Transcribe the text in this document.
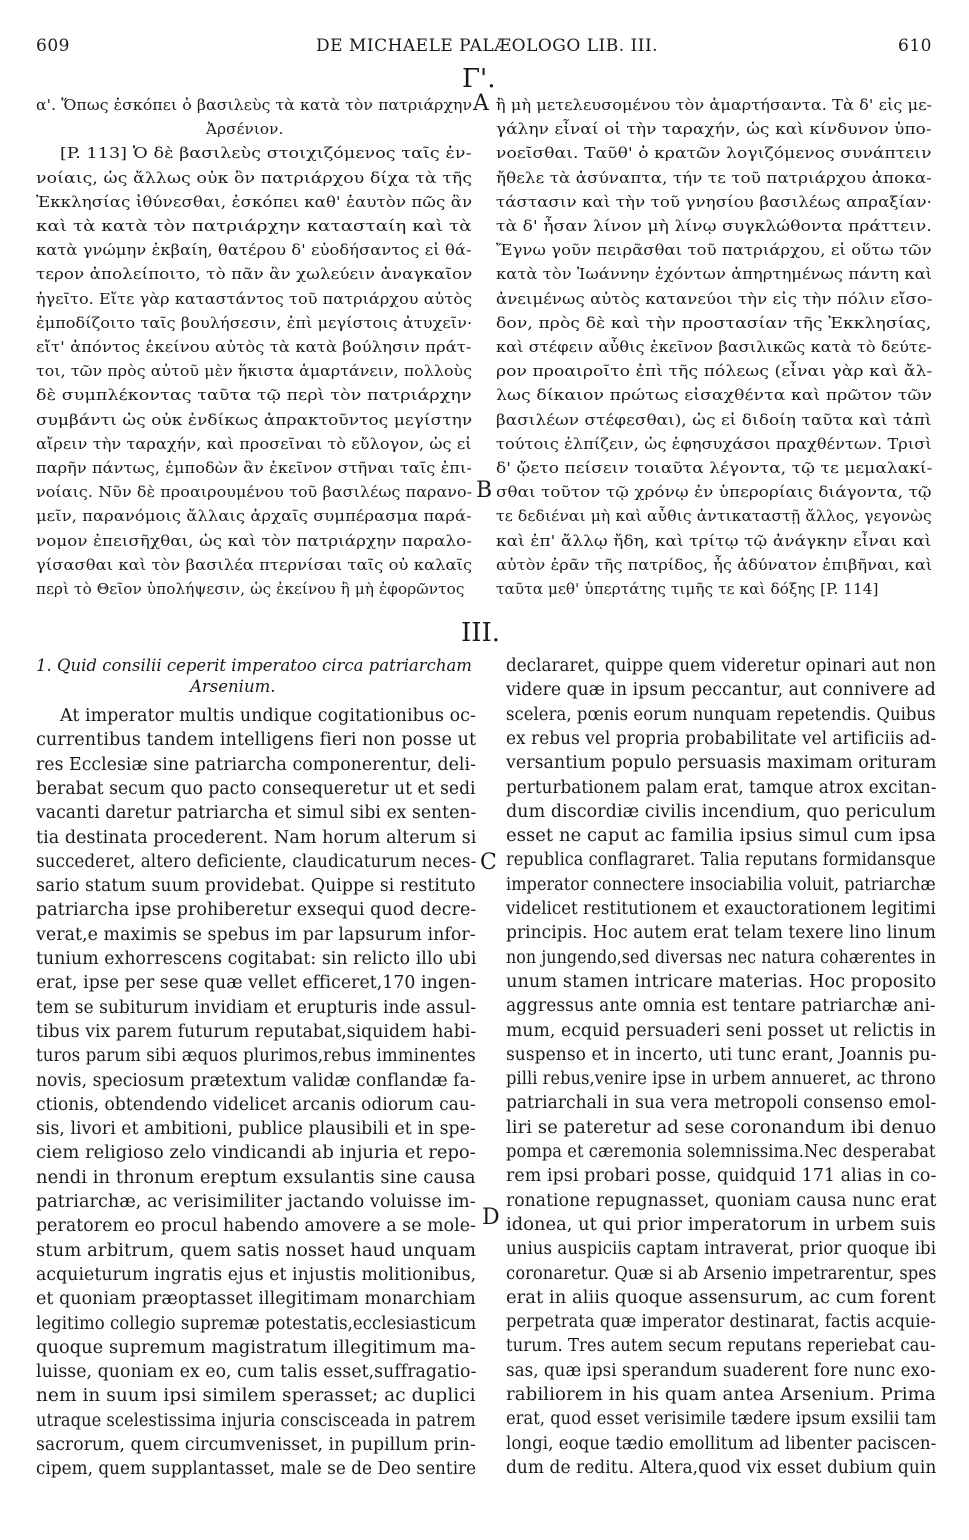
609	DE MICHAELE PALÆOLOGO LIB. III.	610
Γ'.
α'. Ὅπως ἐσκόπει ὁ βασιλεὺς τὰ κατὰ τὸν πατριάρχην
Ἀρσένιον.
[P. 113] Ὁ δὲ βασιλεὺς στοιχιζόμενος ταῖς ἐν-
νοίαις, ὡς ἄλλως οὐκ ὂν πατριάρχου δίχα τὰ τῆς
Ἐκκλησίας ἰθύνεσθαι, ἐσκόπει καθ' ἑαυτὸν πῶς ἂν
καὶ τὰ κατὰ τὸν πατριάρχην κατασταίη καὶ τὰ
κατὰ γνώμην ἐκβαίη, θατέρου δ' εὐοδήσαντος εἰ θά-
τερον ἀπολείποιτο, τὸ πᾶν ἂν χωλεύειν ἀναγκαῖον
ἡγεῖτο. Εἴτε γὰρ καταστάντος τοῦ πατριάρχου αὐτὸς
ἐμποδίζοιτο ταῖς βουλήσεσιν, ἐπὶ μεγίστοις ἀτυχεῖν·
εἴτ' ἀπόντος ἐκείνου αὐτὸς τὰ κατὰ βούλησιν πράτ-
τοι, τῶν πρὸς αὐτοῦ μὲν ἥκιστα ἁμαρτάνειν, πολλοὺς
δὲ συμπλέκοντας ταῦτα τῷ περὶ τὸν πατριάρχην
συμβάντι ὡς οὐκ ἐνδίκως ἀπρακτοῦντος μεγίστην
αἴρειν τὴν ταραχήν, καὶ προσεῖναι τὸ εὔλογον, ὡς εἰ
παρῆν πάντως, ἐμποδὼν ἂν ἐκεῖνον στῆναι ταῖς ἐπι-
νοίαις. Νῦν δὲ προαιρουμένου τοῦ βασιλέως παρανο-
μεῖν, παρανόμοις ἄλλαις ἀρχαῖς συμπέρασμα παρά-
νομον ἐπεισῆχθαι, ὡς καὶ τὸν πατριάρχην παραλο-
γίσασθαι καὶ τὸν βασιλέα πτερνίσαι ταῖς οὐ καλαῖς
περὶ τὸ Θεῖον ὑπολήψεσιν, ὡς ἐκείνου ἢ μὴ ἐφορῶντος
ἢ μὴ μετελευσομένου τὸν ἁμαρτήσαντα. Τὰ δ' εἰς με-
γάλην εἶναί οἱ τὴν ταραχήν, ὡς καὶ κίνδυνον ὑπο-
νοεῖσθαι. Ταῦθ' ὁ κρατῶν λογιζόμενος συνάπτειν
ἤθελε τὰ ἀσύναπτα, τήν τε τοῦ πατριάρχου ἀποκα-
τάστασιν καὶ τὴν τοῦ γνησίου βασιλέως απραξίαν·
τὰ δ' ἦσαν λίνον μὴ λίνῳ συγκλώθοντα πράττειν.
Ἔγνω γοῦν πειρᾶσθαι τοῦ πατριάρχου, εἰ οὕτω τῶν
κατὰ τὸν Ἰωάννην ἐχόντων ἀπηρτημένως πάντη καὶ
ἀνειμένως αὐτὸς κατανεύοι τὴν εἰς τὴν πόλιν εἴσο-
δον, πρὸς δὲ καὶ τὴν προστασίαν τῆς Ἐκκλησίας,
καὶ στέφειν αὖθις ἐκεῖνον βασιλικῶς κατὰ τὸ δεύτε-
ρον προαιροῖτο ἐπὶ τῆς πόλεως (εἶναι γὰρ καὶ ἄλ-
λως δίκαιον πρώτως εἰσαχθέντα καὶ πρῶτον τῶν
βασιλέων στέφεσθαι), ὡς εἰ διδοίη ταῦτα καὶ τἀπὶ
τούτοις ἐλπίζειν, ὡς ἐφησυχάσοι πραχθέντων. Τρισὶ
δ' ᾤετο πείσειν τοιαῦτα λέγοντα, τῷ τε μεμαλακί-
σθαι τοῦτον τῷ χρόνῳ ἐν ὑπερορίαις διάγοντα, τῷ
τε δεδιέναι μὴ καὶ αὖθις ἀντικαταστῇ ἄλλος, γεγονὼς
καὶ ἐπ' ἄλλῳ ἤδη, καὶ τρίτῳ τῷ ἀνάγκην εἶναι καὶ
αὐτὸν ἐρᾶν τῆς πατρίδος, ἧς ἀδύνατον ἐπιβῆναι, καὶ
ταῦτα μεθ' ὑπερτάτης τιμῆς τε καὶ δόξης [P. 114]
A
B
C
D
III.
1. Quid consilii ceperit imperatoo circa patriarcham
Arsenium.
At imperator multis undique cogitationibus oc-
currentibus tandem intelligens fieri non posse ut
res Ecclesiæ sine patriarcha componerentur, deli-
berabat secum quo pacto consequeretur ut et sedi
vacanti daretur patriarcha et simul sibi ex senten-
tia destinata procederent. Nam horum alterum si
succederet, altero deficiente, claudicaturum neces-
sario statum suum providebat. Quippe si restituto
patriarcha ipse prohiberetur exsequi quod decre-
verat,e maximis se spebus im par lapsurum infor-
tunium exhorrescens cogitabat: sin relicto illo ubi
erat, ipse per sese quæ vellet efficeret,170 ingen-
tem se subiturum invidiam et erupturis inde assul-
tibus vix parem futurum reputabat,siquidem habi-
turos parum sibi æquos plurimos,rebus imminentes
novis, speciosum prætextum validæ conflandæ fa-
ctionis, obtendendo videlicet arcanis odiorum cau-
sis, livori et ambitioni, publice plausibili et in spe-
ciem religioso zelo vindicandi ab injuria et repo-
nendi in thronum ereptum exsulantis sine causa
patriarchæ, ac verisimiliter jactando voluisse im-
peratorem eo procul habendo amovere a se mole-
stum arbitrum, quem satis nosset haud unquam
acquieturum ingratis ejus et injustis molitionibus,
et quoniam præoptasset illegitimam monarchiam
legitimo collegio supremæ potestatis,ecclesiasticum
quoque supremum magistratum illegitimum ma-
luisse, quoniam ex eo, cum talis esset,suffragatio-
nem in suum ipsi similem sperasset; ac duplici
utraque scelestissima injuria conscisceada in patrem
sacrorum, quem circumvenisset, in pupillum prin-
cipem, quem supplantasset, male se de Deo sentire
declararet, quippe quem videretur opinari aut non
videre quæ in ipsum peccantur, aut connivere ad
scelera, pœnis eorum nunquam repetendis. Quibus
ex rebus vel propria probabilitate vel artificiis ad-
versantium populo persuasis maximam orituram
perturbationem palam erat, tamque atrox excitan-
dum discordiæ civilis incendium, quo periculum
esset ne caput ac familia ipsius simul cum ipsa
republica conflagraret. Talia reputans formidansque
imperator connectere insociabilia voluit, patriarchæ
videlicet restitutionem et exauctorationem legitimi
principis. Hoc autem erat telam texere lino linum
non jungendo,sed diversas nec natura cohærentes in
unum stamen intricare materias. Hoc proposito
aggressus ante omnia est tentare patriarchæ ani-
mum, ecquid persuaderi seni posset ut relictis in
suspenso et in incerto, uti tunc erant, Joannis pu-
pilli rebus,venire ipse in urbem annueret, ac throno
patriarchali in sua vera metropoli consenso emol-
liri se pateretur ad sese coronandum ibi denuo
pompa et cæremonia solemnissima.Nec desperabat
rem ipsi probari posse, quidquid 171 alias in co-
ronatione repugnasset, quoniam causa nunc erat
idonea, ut qui prior imperatorum in urbem suis
unius auspiciis captam intraverat, prior quoque ibi
coronaretur. Quæ si ab Arsenio impetrarentur, spes
erat in aliis quoque assensurum, ac cum forent
perpetrata quæ imperator destinarat, factis acquie-
turum. Tres autem secum reputans reperiebat cau-
sas, quæ ipsi sperandum suaderent fore nunc exo-
rabiliorem in his quam antea Arsenium. Prima
erat, quod esset verisimile tædere ipsum exsilii tam
longi, eoque tædio emollitum ad libenter paciscen-
dum de reditu. Altera,quod vix esset dubium quin
